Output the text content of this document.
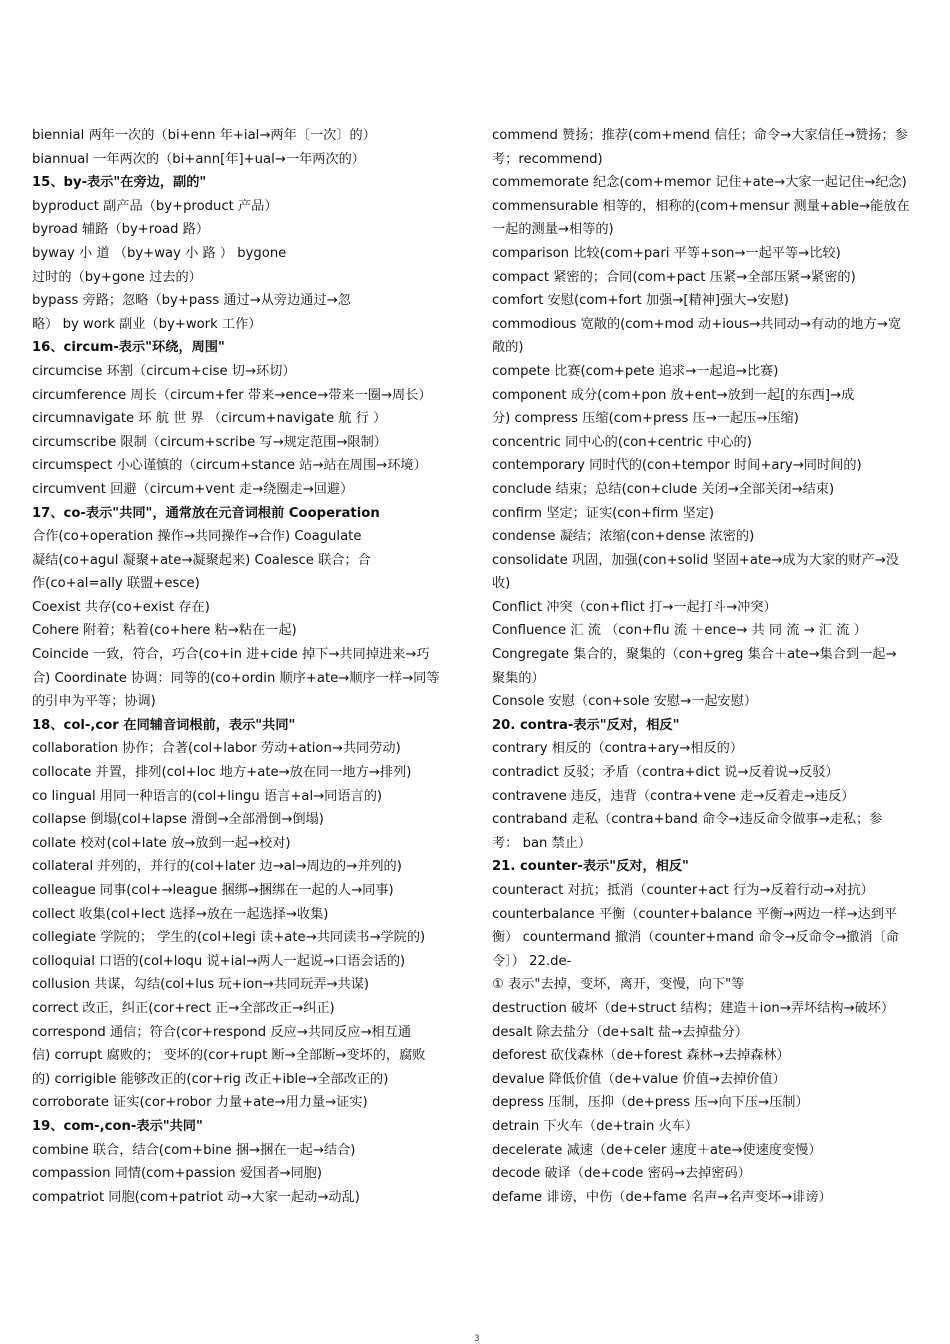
biennial 两年一次的（bi+enn 年+ial→两年〔一次〕的）
biannual 一年两次的（bi+ann[年]+ual→一年两次的）
15、by-表示"在旁边，副的"
byproduct 副产品（by+product 产品）
byroad 辅路（by+road 路）
byway 小 道 （by+way 小 路 ） bygone
过时的（by+gone 过去的）
bypass 旁路；忽略（by+pass 通过→从旁边通过→忽
略） by work 副业（by+work 工作）
16、circum-表示"环绕，周围"
circumcise 环割（circum+cise 切→环切）
circumference 周长（circum+fer 带来→ence→带来一圈→周长）
circumnavigate 环 航 世 界 （circum+navigate 航 行 ）
circumscribe 限制（circum+scribe 写→规定范围→限制）
circumspect 小心谨慎的（circum+stance 站→站在周围→环境）
circumvent 回避（circum+vent 走→绕圈走→回避）
17、co-表示"共同"，通常放在元音词根前 Cooperation
合作(co+operation 操作→共同操作→合作) Coagulate
凝结(co+agul 凝聚+ate→凝聚起来) Coalesce 联合；合
作(co+al=ally 联盟+esce)
Coexist 共存(co+exist 存在)
Cohere 附着；粘着(co+here 粘→粘在一起)
Coincide 一致，符合，巧合(co+in 进+cide 掉下→共同掉进来→巧
合) Coordinate 协调：同等的(co+ordin 顺序+ate→顺序一样→同等
的引申为平等；协调)
18、col-,cor 在同辅音词根前，表示"共同"
collaboration 协作；合著(col+labor 劳动+ation→共同劳动)
collocate 并置，排列(col+loc 地方+ate→放在同一地方→排列)
co lingual 用同一种语言的(col+lingu 语言+al→同语言的)
collapse 倒塌(col+lapse 滑倒→全部滑倒→倒塌)
collate 校对(col+late 放→放到一起→校对)
collateral 并列的，并行的(col+later 边→al→周边的→并列的)
colleague 同事(col+→league 捆绑→捆绑在一起的人→同事)
collect 收集(col+lect 选择→放在一起选择→收集)
collegiate 学院的； 学生的(col+legi 读+ate→共同读书→学院的)
colloquial 口语的(col+loqu 说+ial→两人一起说→口语会话的)
collusion 共谋，勾结(col+lus 玩+ion→共同玩弄→共谋)
correct 改正，纠正(cor+rect 正→全部改正→纠正)
correspond 通信；符合(cor+respond 反应→共同反应→相互通
信) corrupt 腐败的； 变坏的(cor+rupt 断→全部断→变坏的，腐败
的) corrigible 能够改正的(cor+rig 改正+ible→全部改正的)
corroborate 证实(cor+robor 力量+ate→用力量→证实)
19、com-,con-表示"共同"
combine 联合，结合(com+bine 捆→捆在一起→结合)
compassion 同情(com+passion 爱国者→同胞)
compatriot 同胞(com+patriot 动→大家一起动→动乱)
commend 赞扬；推荐(com+mend 信任；命令→大家信任→赞扬；参
考；recommend)
commemorate 纪念(com+memor 记住+ate→大家一起记住→纪念)
commensurable 相等的，相称的(com+mensur 测量+able→能放在
一起的测量→相等的)
comparison 比较(com+pari 平等+son→一起平等→比较)
compact 紧密的；合同(com+pact 压紧→全部压紧→紧密的)
comfort 安慰(com+fort 加强→[精神]强大→安慰)
commodious 宽敞的(com+mod 动+ious→共同动→有动的地方→宽
敞的)
compete 比赛(com+pete 追求→一起追→比赛)
component 成分(com+pon 放+ent→放到一起[的东西]→成
分) compress 压缩(com+press 压→一起压→压缩)
concentric 同中心的(con+centric 中心的)
contemporary 同时代的(con+tempor 时间+ary→同时间的)
conclude 结束；总结(con+clude 关闭→全部关闭→结束)
confirm 坚定；证实(con+firm 坚定)
condense 凝结；浓缩(con+dense 浓密的)
consolidate 巩固，加强(con+solid 坚固+ate→成为大家的财产→没
收)
Conflict 冲突（con+flict 打→一起打斗→冲突）
Confluence 汇 流 （con+flu 流 ＋ence→ 共 同 流 → 汇 流 ）
Congregate 集合的，聚集的（con+greg 集合＋ate→集合到一起→
聚集的）
Console 安慰（con+sole 安慰→一起安慰）
20. contra-表示"反对，相反"
contrary 相反的（contra+ary→相反的）
contradict 反驳；矛盾（contra+dict 说→反着说→反驳）
contravene 违反，违背（contra+vene 走→反着走→违反）
contraband 走私（contra+band 命令→违反命令做事→走私；参
考： ban 禁止）
21. counter-表示"反对，相反"
counteract 对抗；抵消（counter+act 行为→反着行动→对抗）
counterbalance 平衡（counter+balance 平衡→两边一样→达到平
衡） countermand 撤消（counter+mand 命令→反命令→撤消〔命
令〕） 22.de-
① 表示"去掉，变坏，离开，变慢，向下"等
destruction 破坏（de+struct 结构；建造＋ion→弄坏结构→破坏）
desalt 除去盐分（de+salt 盐→去掉盐分）
deforest 砍伐森林（de+forest 森林→去掉森林）
devalue 降低价值（de+value 价值→去掉价值）
depress 压制，压抑（de+press 压→向下压→压制）
detrain 下火车（de+train 火车）
decelerate 减速（de+celer 速度＋ate→使速度变慢）
decode 破译（de+code 密码→去掉密码）
defame 诽谤，中伤（de+fame 名声→名声变坏→诽谤）
3
